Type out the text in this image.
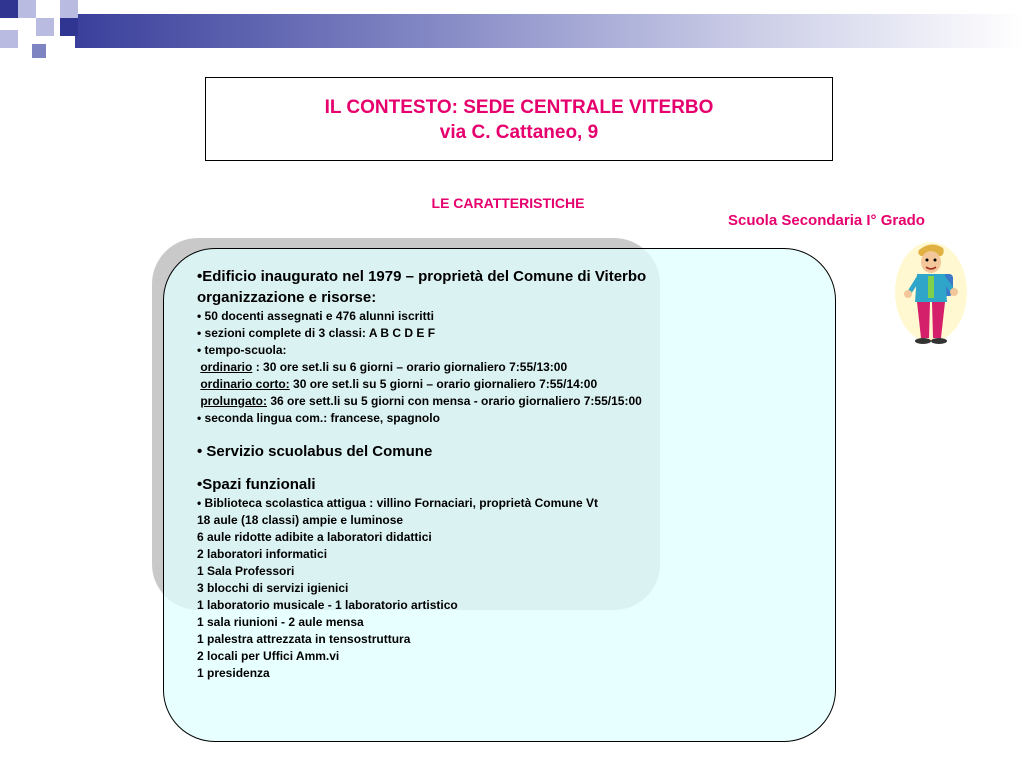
IL CONTESTO: SEDE CENTRALE VITERBO
via C. Cattaneo, 9
LE CARATTERISTICHE
Scuola Secondaria I° Grado
•Edificio inaugurato nel 1979 – proprietà del Comune di Viterbo
organizzazione e risorse:
• 50 docenti assegnati e 476 alunni iscritti
• sezioni complete di 3 classi: A B C D E F
• tempo-scuola:
ordinario : 30 ore set.li su 6 giorni – orario giornaliero 7:55/13:00
ordinario corto: 30 ore set.li su 5 giorni – orario giornaliero 7:55/14:00
prolungato: 36 ore sett.li su 5 giorni con mensa - orario giornaliero 7:55/15:00
• seconda lingua com.: francese, spagnolo
• Servizio scuolabus del Comune
•Spazi funzionali
• Biblioteca scolastica attigua : villino Fornaciari, proprietà Comune Vt
18 aule (18 classi) ampie e luminose
6 aule ridotte adibite a laboratori didattici
2 laboratori informatici
1 Sala Professori
3 blocchi di servizi igienici
1 laboratorio musicale - 1 laboratorio artistico
1 sala riunioni - 2 aule mensa
1 palestra attrezzata in tensostruttura
2 locali per Uffici Amm.vi
1 presidenza
